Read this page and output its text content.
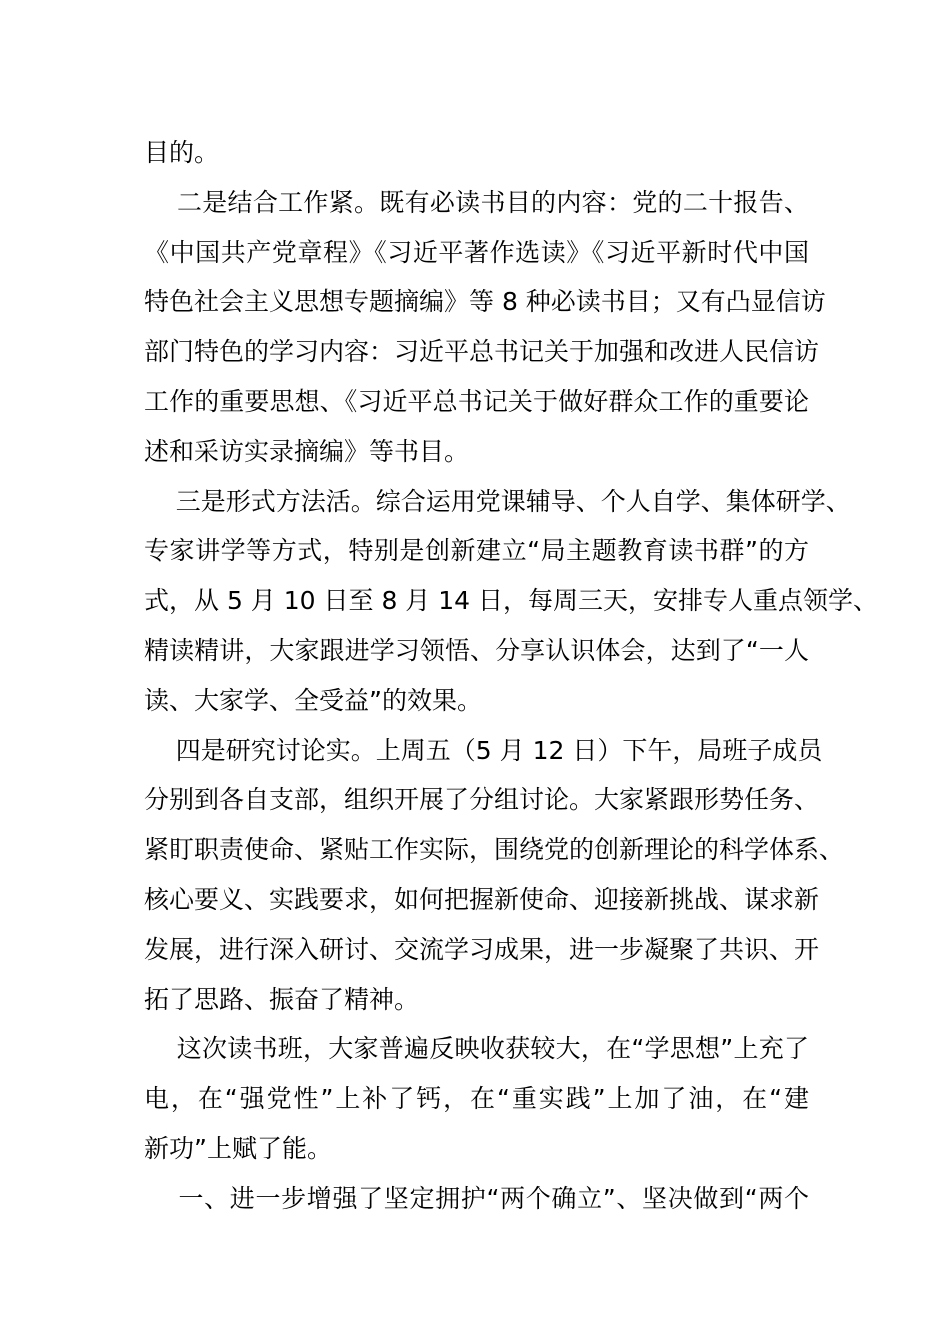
目的。
二是结合工作紧。既有必读书目的内容：党的二十报告、
《中国共产党章程》《习近平著作选读》《习近平新时代中国
特色社会主义思想专题摘编》等 8 种必读书目；又有凸显信访
部门特色的学习内容：习近平总书记关于加强和改进人民信访
工作的重要思想、《习近平总书记关于做好群众工作的重要论
述和采访实录摘编》等书目。
三是形式方法活。综合运用党课辅导、个人自学、集体研学、
专家讲学等方式，特别是创新建立“局主题教育读书群”的方
式，从 5 月 10 日至 8 月 14 日，每周三天，安排专人重点领学、
精读精讲，大家跟进学习领悟、分享认识体会，达到了“一人
读、大家学、全受益”的效果。
四是研究讨论实。上周五（5 月 12 日）下午，局班子成员
分别到各自支部，组织开展了分组讨论。大家紧跟形势任务、
紧盯职责使命、紧贴工作实际，围绕党的创新理论的科学体系、
核心要义、实践要求，如何把握新使命、迎接新挑战、谋求新
发展，进行深入研讨、交流学习成果，进一步凝聚了共识、开
拓了思路、振奋了精神。
这次读书班，大家普遍反映收获较大，在“学思想”上充了
电，在“强党性”上补了钙，在“重实践”上加了油，在“建
新功”上赋了能。
一、进一步增强了坚定拥护“两个确立”、坚决做到“两个
